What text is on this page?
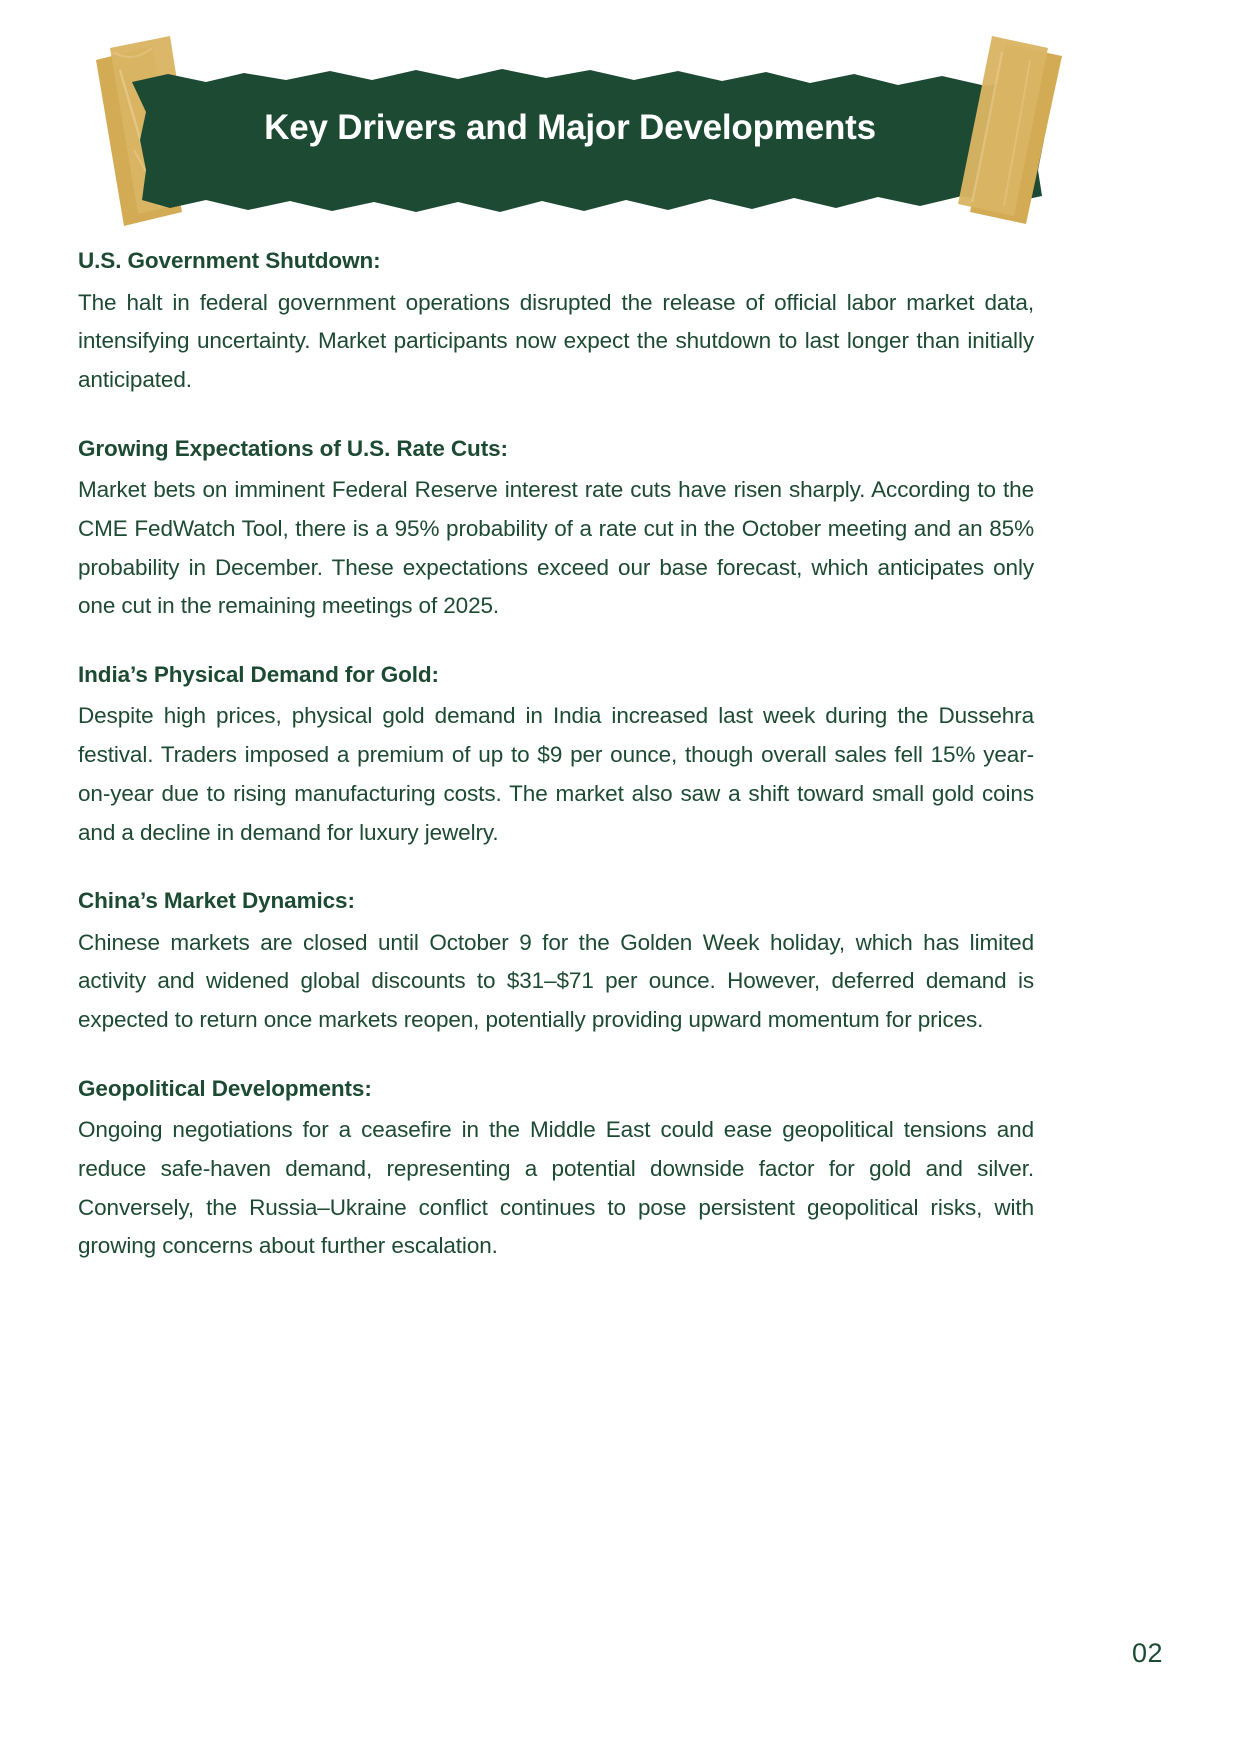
Key Drivers and Major Developments
U.S. Government Shutdown:

The halt in federal government operations disrupted the release of official labor market data, intensifying uncertainty. Market participants now expect the shutdown to last longer than initially anticipated.

Growing Expectations of U.S. Rate Cuts:

Market bets on imminent Federal Reserve interest rate cuts have risen sharply. According to the CME FedWatch Tool, there is a 95% probability of a rate cut in the October meeting and an 85% probability in December. These expectations exceed our base forecast, which anticipates only one cut in the remaining meetings of 2025.

India’s Physical Demand for Gold:

Despite high prices, physical gold demand in India increased last week during the Dussehra festival. Traders imposed a premium of up to $9 per ounce, though overall sales fell 15% year-on-year due to rising manufacturing costs. The market also saw a shift toward small gold coins and a decline in demand for luxury jewelry.

China’s Market Dynamics:

Chinese markets are closed until October 9 for the Golden Week holiday, which has limited activity and widened global discounts to $31–$71 per ounce. However, deferred demand is expected to return once markets reopen, potentially providing upward momentum for prices.

Geopolitical Developments:

Ongoing negotiations for a ceasefire in the Middle East could ease geopolitical tensions and reduce safe-haven demand, representing a potential downside factor for gold and silver. Conversely, the Russia–Ukraine conflict continues to pose persistent geopolitical risks, with growing concerns about further escalation.

02
